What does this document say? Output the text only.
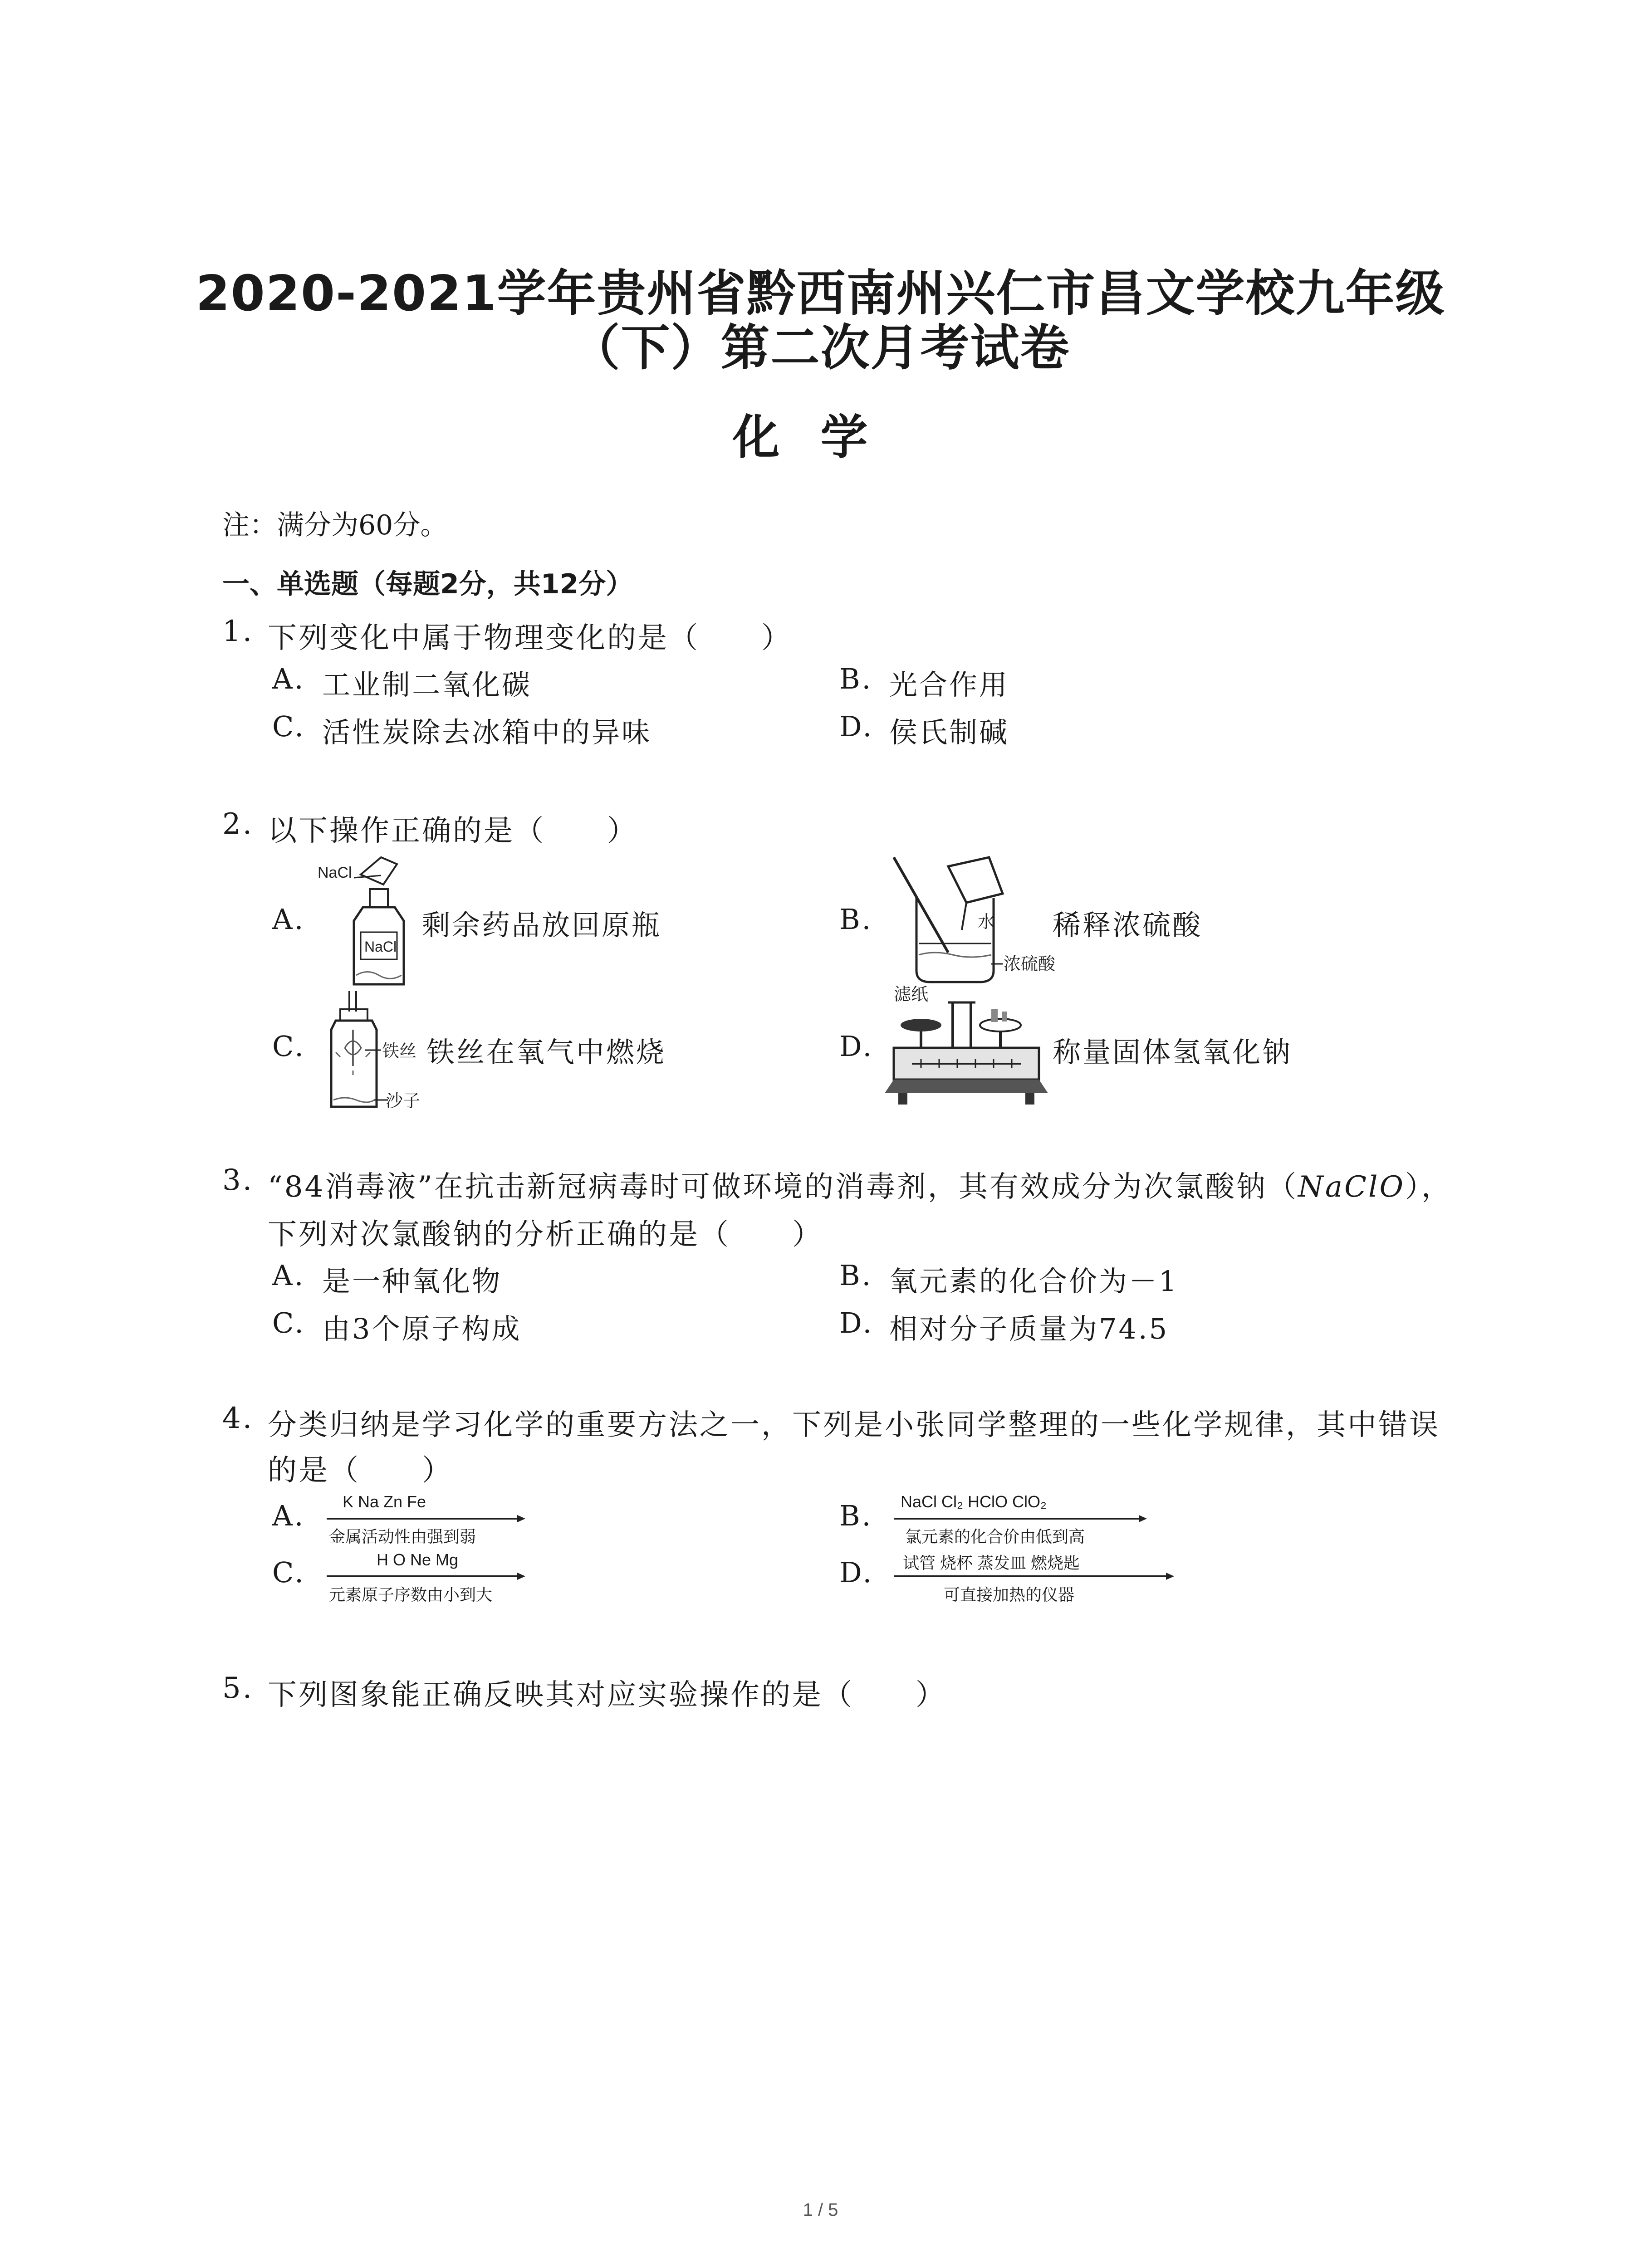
2020-2021学年贵州省黔西南州兴仁市昌文学校九年级
（下）第二次月考试卷
化学
注：满分为60分。
一、单选题（每题2分，共12分）
1. 下列变化中属于物理变化的是（　　）
A. 工业制二氧化碳	B. 光合作用
C. 活性炭除去冰箱中的异味	D. 侯氏制碱
2. 以下操作正确的是（　　）
A.
NaCl
NaCl
剩余药品放回原瓶	B.	水
浓硫酸
稀释浓硫酸
C.	铁丝
沙子
铁丝在氧气中燃烧	D.
滤纸
称量固体氢氧化钠
3. “84消毒液”在抗击新冠病毒时可做环境的消毒剂，其有效成分为次氯酸钠（NaClO），
下列对次氯酸钠的分析正确的是（　　）
A. 是一种氧化物	B. 氧元素的化合价为－1
C. 由3个原子构成	D. 相对分子质量为74.5
4. 分类归纳是学习化学的重要方法之一，下列是小张同学整理的一些化学规律，其中错误
的是（　　）
A. K Na Zn Fe
金属活动性由强到弱
B. NaCl Cl₂ HClO ClO₂
氯元素的化合价由低到高
C.	H O Ne Mg
元素原子序数由小到大
D. 试管 烧杯 蒸发皿 燃烧匙
可直接加热的仪器
5. 下列图象能正确反映其对应实验操作的是（　　）
1 / 5
